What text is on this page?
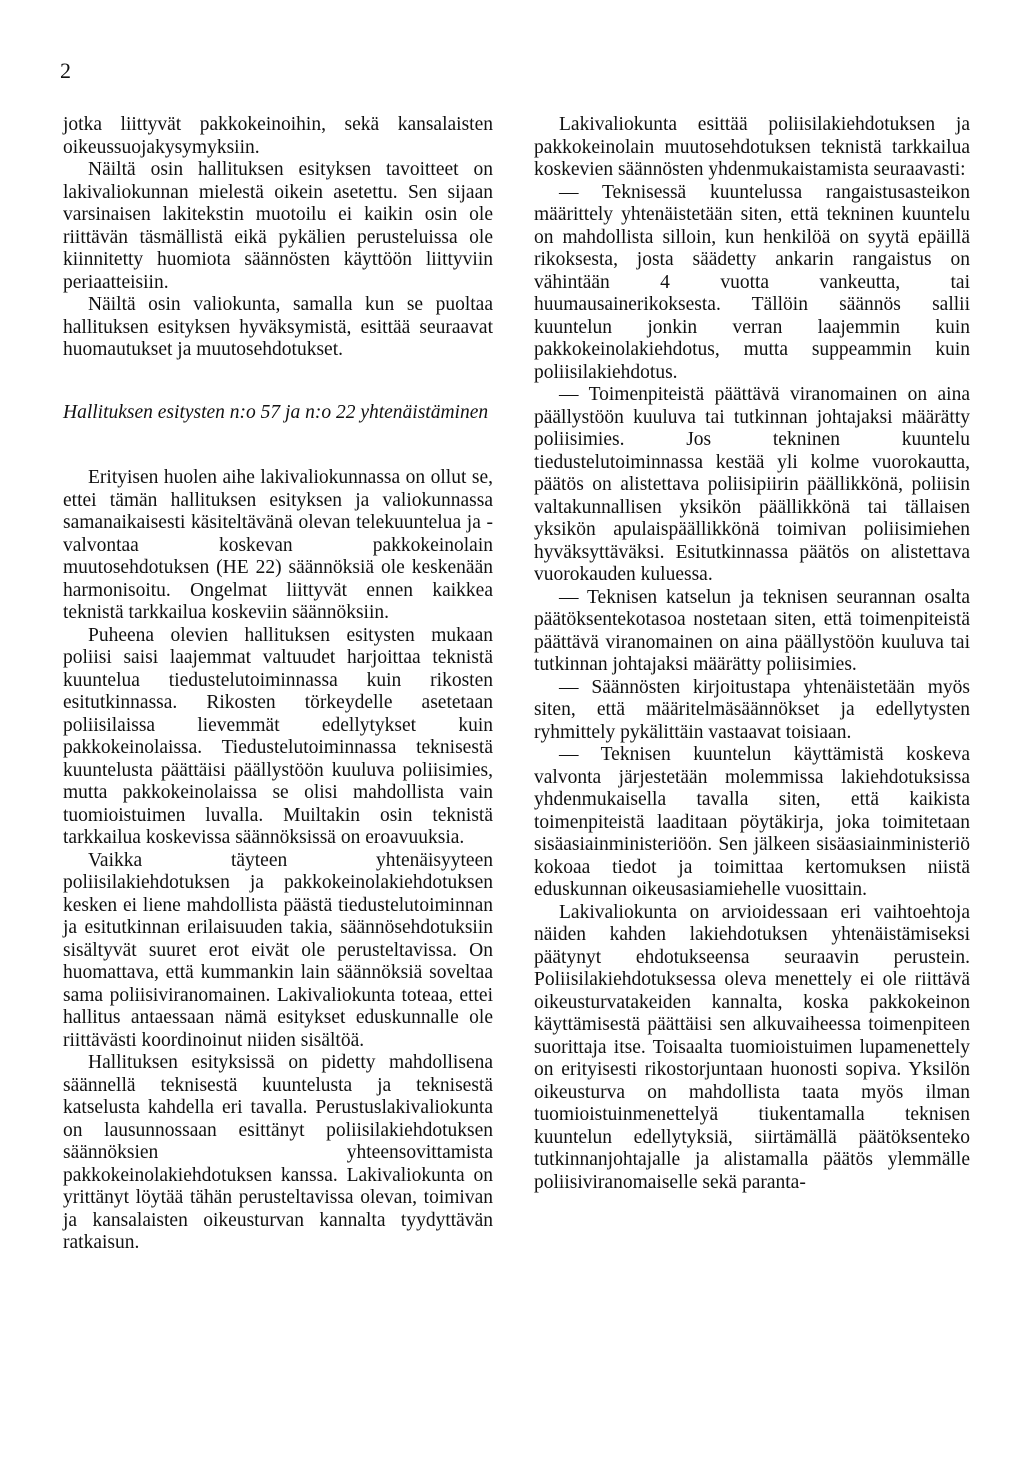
2

jotka liittyvät pakkokeinoihin, sekä kansalaisten oikeussuojakysymyksiin.

Näiltä osin hallituksen esityksen tavoitteet on lakivaliokunnan mielestä oikein asetettu. Sen sijaan varsinaisen lakitekstin muotoilu ei kaikin osin ole riittävän täsmällistä eikä pykälien perusteluissa ole kiinnitetty huomiota säännösten käyttöön liittyviin periaatteisiin.

Näiltä osin valiokunta, samalla kun se puoltaa hallituksen esityksen hyväksymistä, esittää seuraavat huomautukset ja muutosehdotukset.

Hallituksen esitysten n:o 57 ja n:o 22 yhtenäistäminen

Erityisen huolen aihe lakivaliokunnassa on ollut se, ettei tämän hallituksen esityksen ja valiokunnassa samanaikaisesti käsiteltävänä olevan telekuuntelua ja -valvontaa koskevan pakkokeinolain muutosehdotuksen (HE 22) säännöksiä ole keskenään harmonisoitu. Ongelmat liittyvät ennen kaikkea teknistä tarkkailua koskeviin säännöksiin.

Puheena olevien hallituksen esitysten mukaan poliisi saisi laajemmat valtuudet harjoittaa teknistä kuuntelua tiedustelutoiminnassa kuin rikosten esitutkinnassa. Rikosten törkeydelle asetetaan poliisilaissa lievemmät edellytykset kuin pakkokeinolaissa. Tiedustelutoiminnassa teknisestä kuuntelusta päättäisi päällystöön kuuluva poliisimies, mutta pakkokeinolaissa se olisi mahdollista vain tuomioistuimen luvalla. Muiltakin osin teknistä tarkkailua koskevissa säännöksissä on eroavuuksia.

Vaikka täyteen yhtenäisyyteen poliisilakiehdotuksen ja pakkokeinolakiehdotuksen kesken ei liene mahdollista päästä tiedustelutoiminnan ja esitutkinnan erilaisuuden takia, säännösehdotuksiin sisältyvät suuret erot eivät ole perusteltavissa. On huomattava, että kummankin lain säännöksiä soveltaa sama poliisiviranomainen. Lakivaliokunta toteaa, ettei hallitus antaessaan nämä esitykset eduskunnalle ole riittävästi koordinoinut niiden sisältöä.

Hallituksen esityksissä on pidetty mahdollisena säännellä teknisestä kuuntelusta ja teknisestä katselusta kahdella eri tavalla. Perustuslakivaliokunta on lausunnossaan esittänyt poliisilakiehdotuksen säännöksien yhteensovittamista pakkokeinolakiehdotuksen kanssa. Lakivaliokunta on yrittänyt löytää tähän perusteltavissa olevan, toimivan ja kansalaisten oikeusturvan kannalta tyydyttävän ratkaisun.

Lakivaliokunta esittää poliisilakiehdotuksen ja pakkokeinolain muutosehdotuksen teknistä tarkkailua koskevien säännösten yhdenmukaistamista seuraavasti:

— Teknisessä kuuntelussa rangaistusasteikon määrittely yhtenäistetään siten, että tekninen kuuntelu on mahdollista silloin, kun henkilöä on syytä epäillä rikoksesta, josta säädetty ankarin rangaistus on vähintään 4 vuotta vankeutta, tai huumausainerikoksesta. Tällöin säännös sallii kuuntelun jonkin verran laajemmin kuin pakkokeinolakiehdotus, mutta suppeammin kuin poliisilakiehdotus.

— Toimenpiteistä päättävä viranomainen on aina päällystöön kuuluva tai tutkinnan johtajaksi määrätty poliisimies. Jos tekninen kuuntelu tiedustelutoiminnassa kestää yli kolme vuorokautta, päätös on alistettava poliisipiirin päällikkönä, poliisin valtakunnallisen yksikön päällikkönä tai tällaisen yksikön apulaispäällikkönä toimivan poliisimiehen hyväksyttäväksi. Esitutkinnassa päätös on alistettava vuorokauden kuluessa.

— Teknisen katselun ja teknisen seurannan osalta päätöksentekotasoa nostetaan siten, että toimenpiteistä päättävä viranomainen on aina päällystöön kuuluva tai tutkinnan johtajaksi määrätty poliisimies.

— Säännösten kirjoitustapa yhtenäistetään myös siten, että määritelmäsäännökset ja edellytysten ryhmittely pykälittäin vastaavat toisiaan.

— Teknisen kuuntelun käyttämistä koskeva valvonta järjestetään molemmissa lakiehdotuksissa yhdenmukaisella tavalla siten, että kaikista toimenpiteistä laaditaan pöytäkirja, joka toimitetaan sisäasiainministeriöön. Sen jälkeen sisäasiainministeriö kokoaa tiedot ja toimittaa kertomuksen niistä eduskunnan oikeusasiamiehelle vuosittain.

Lakivaliokunta on arvioidessaan eri vaihtoehtoja näiden kahden lakiehdotuksen yhtenäistämiseksi päätynyt ehdotukseensa seuraavin perustein. Poliisilakiehdotuksessa oleva menettely ei ole riittävä oikeusturvatakeiden kannalta, koska pakkokeinon käyttämisestä päättäisi sen alkuvaiheessa toimenpiteen suorittaja itse. Toisaalta tuomioistuimen lupamenettely on erityisesti rikostorjuntaan huonosti sopiva. Yksilön oikeusturva on mahdollista taata myös ilman tuomioistuinmenettelyä tiukentamalla teknisen kuuntelun edellytyksiä, siirtämällä päätöksenteko tutkinnanjohtajalle ja alistamalla päätös ylemmälle poliisiviranomaiselle sekä paranta-
